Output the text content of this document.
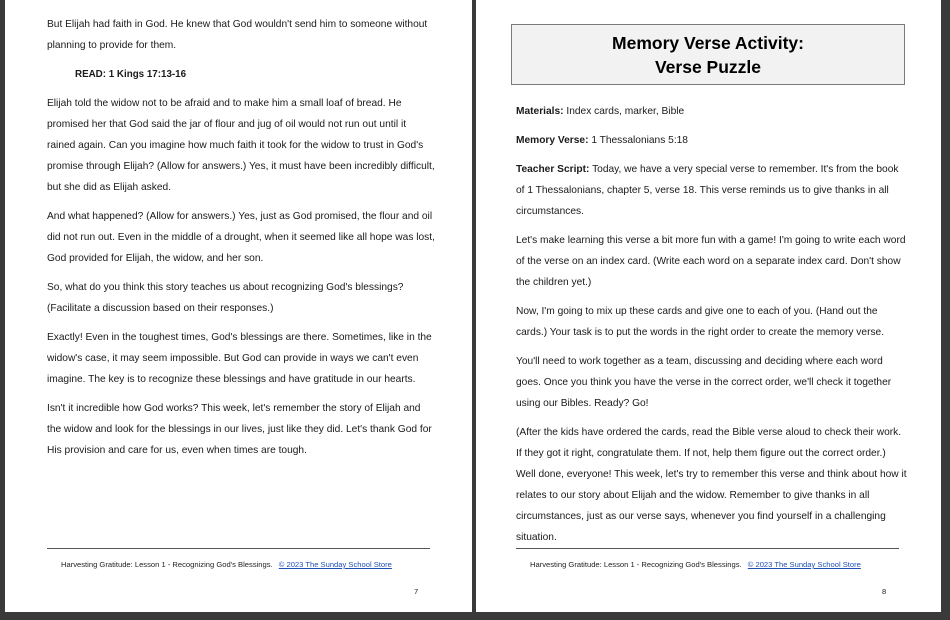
But Elijah had faith in God. He knew that God wouldn't send him to someone without planning to provide for them.

READ: 1 Kings 17:13-16

Elijah told the widow not to be afraid and to make him a small loaf of bread. He promised her that God said the jar of flour and jug of oil would not run out until it rained again. Can you imagine how much faith it took for the widow to trust in God's promise through Elijah? (Allow for answers.) Yes, it must have been incredibly difficult, but she did as Elijah asked.

And what happened? (Allow for answers.) Yes, just as God promised, the flour and oil did not run out. Even in the middle of a drought, when it seemed like all hope was lost, God provided for Elijah, the widow, and her son.

So, what do you think this story teaches us about recognizing God's blessings? (Facilitate a discussion based on their responses.)

Exactly! Even in the toughest times, God's blessings are there. Sometimes, like in the widow's case, it may seem impossible. But God can provide in ways we can't even imagine. The key is to recognize these blessings and have gratitude in our hearts.

Isn't it incredible how God works? This week, let's remember the story of Elijah and the widow and look for the blessings in our lives, just like they did. Let's thank God for His provision and care for us, even when times are tough.

Harvesting Gratitude: Lesson 1 - Recognizing God's Blessings. © 2023 The Sunday School Store
7
Memory Verse Activity:
Verse Puzzle

Materials: Index cards, marker, Bible

Memory Verse: 1 Thessalonians 5:18

Teacher Script: Today, we have a very special verse to remember. It's from the book of 1 Thessalonians, chapter 5, verse 18. This verse reminds us to give thanks in all circumstances.

Let's make learning this verse a bit more fun with a game! I'm going to write each word of the verse on an index card. (Write each word on a separate index card. Don't show the children yet.)

Now, I'm going to mix up these cards and give one to each of you. (Hand out the cards.) Your task is to put the words in the right order to create the memory verse.

You'll need to work together as a team, discussing and deciding where each word goes. Once you think you have the verse in the correct order, we'll check it together using our Bibles. Ready? Go!

(After the kids have ordered the cards, read the Bible verse aloud to check their work. If they got it right, congratulate them. If not, help them figure out the correct order.) Well done, everyone! This week, let's try to remember this verse and think about how it relates to our story about Elijah and the widow. Remember to give thanks in all circumstances, just as our verse says, whenever you find yourself in a challenging situation.

Harvesting Gratitude: Lesson 1 - Recognizing God's Blessings. © 2023 The Sunday School Store
8
